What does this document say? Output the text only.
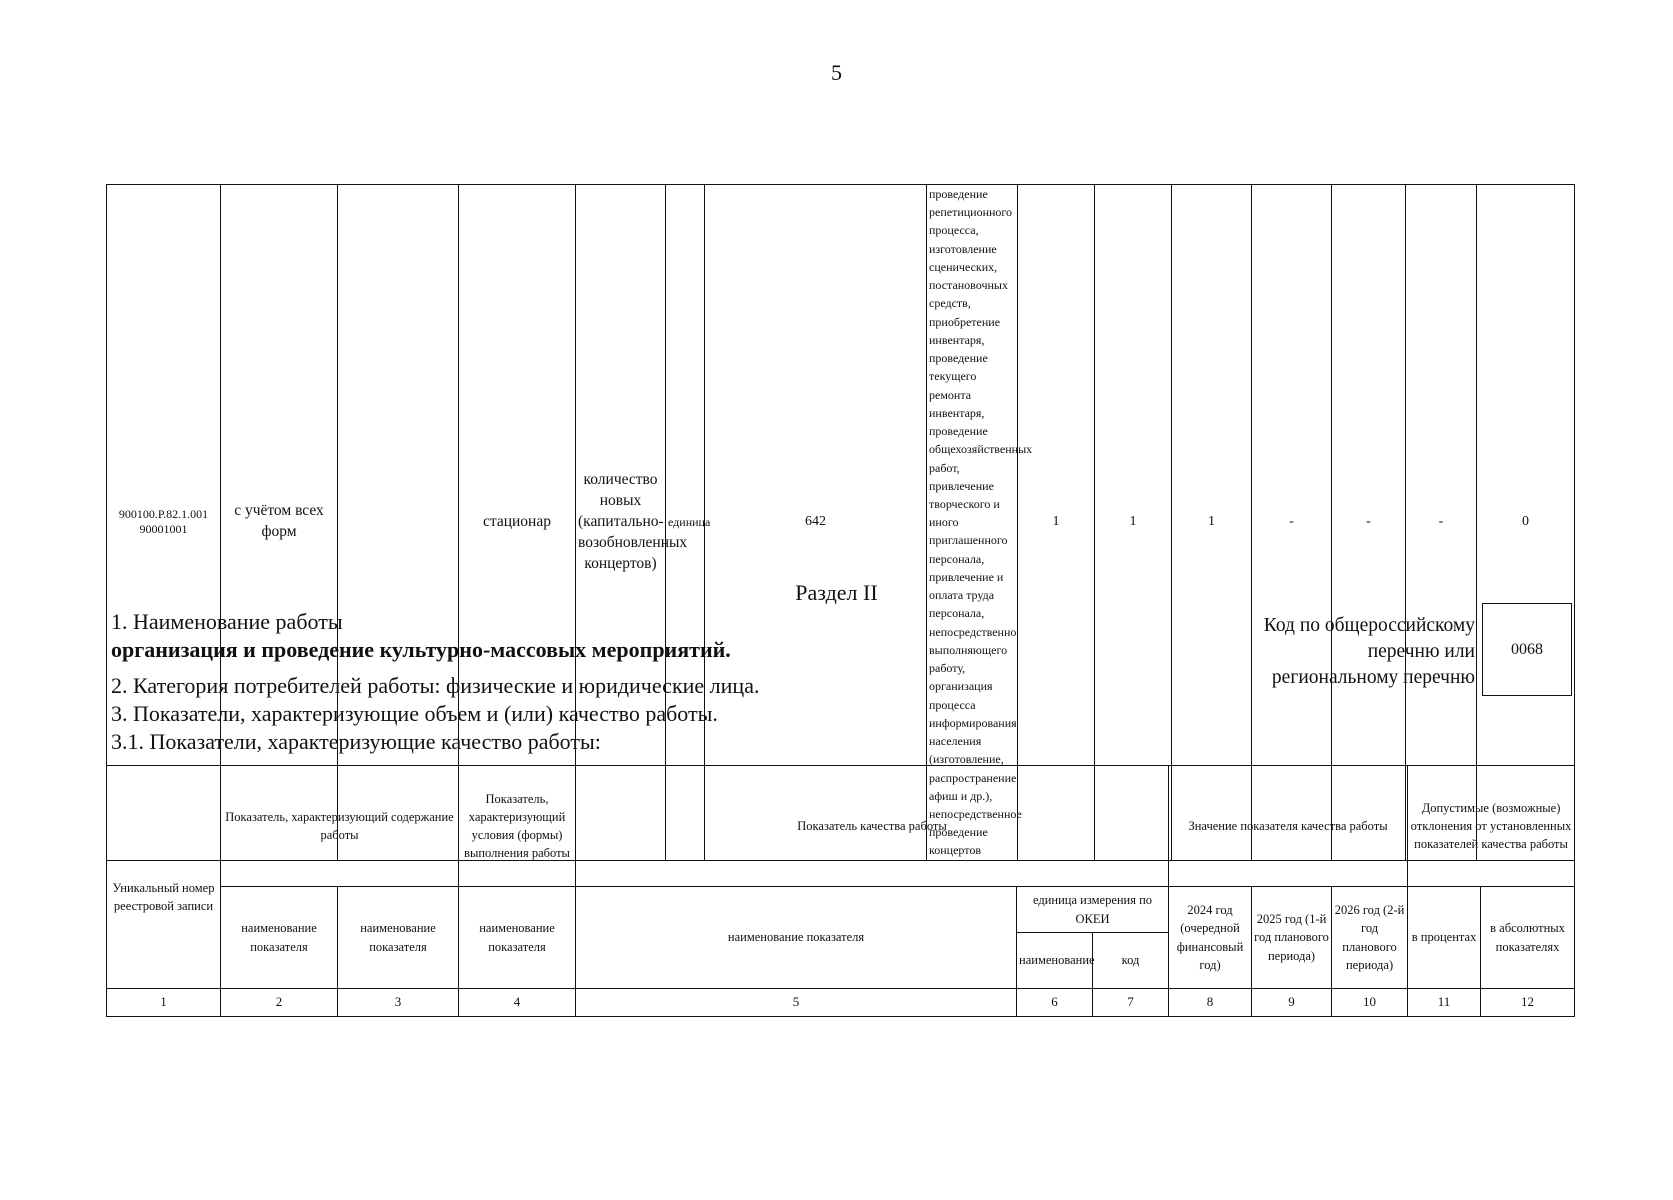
5
900100.Р.82.1.001 90001001	с учётом всех форм		стационар	количество новых (капитально-возобновленных концертов)	единица	642	проведение репетиционного процесса, изготовление сценических, постановочных средств, приобретение инвентаря, проведение текущего ремонта инвентаря, проведение общехозяйственных работ, привлечение творческого и иного приглашенного персонала, привлечение и оплата труда персонала, непосредственно выполняющего работу, организация процесса информирования населения (изготовление, распространение афиш и др.), непосредственное проведение концертов	1	1	1	-	-	-	0
Раздел II
1. Наименование работы
организация и проведение культурно-массовых мероприятий.
2. Категория потребителей работы: физические и юридические лица.
3. Показатели, характеризующие объем и (или) качество работы.
3.1. Показатели, характеризующие качество работы:
Код по общероссийскому перечню или региональному перечню
0068
Уникальный номер реестровой записи	Показатель, характеризующий содержание работы		Показатель, характеризующий условия (формы) выполнения работы	Показатель качества работы			Значение показателя качества работы			Допустимые (возможные) отклонения от установленных показателей качества работы	
	наименование показателя	наименование показателя	наименование показателя	наименование показателя	единица измерения по ОКЕИ		2024 год (очередной финансовый год)	2025 год (1-й год планового периода)	2026 год (2-й год планового периода)	в процентах	в абсолютных показателях
					наименование	код					
1	2	3	4	5	6	7	8	9	10	11	12
